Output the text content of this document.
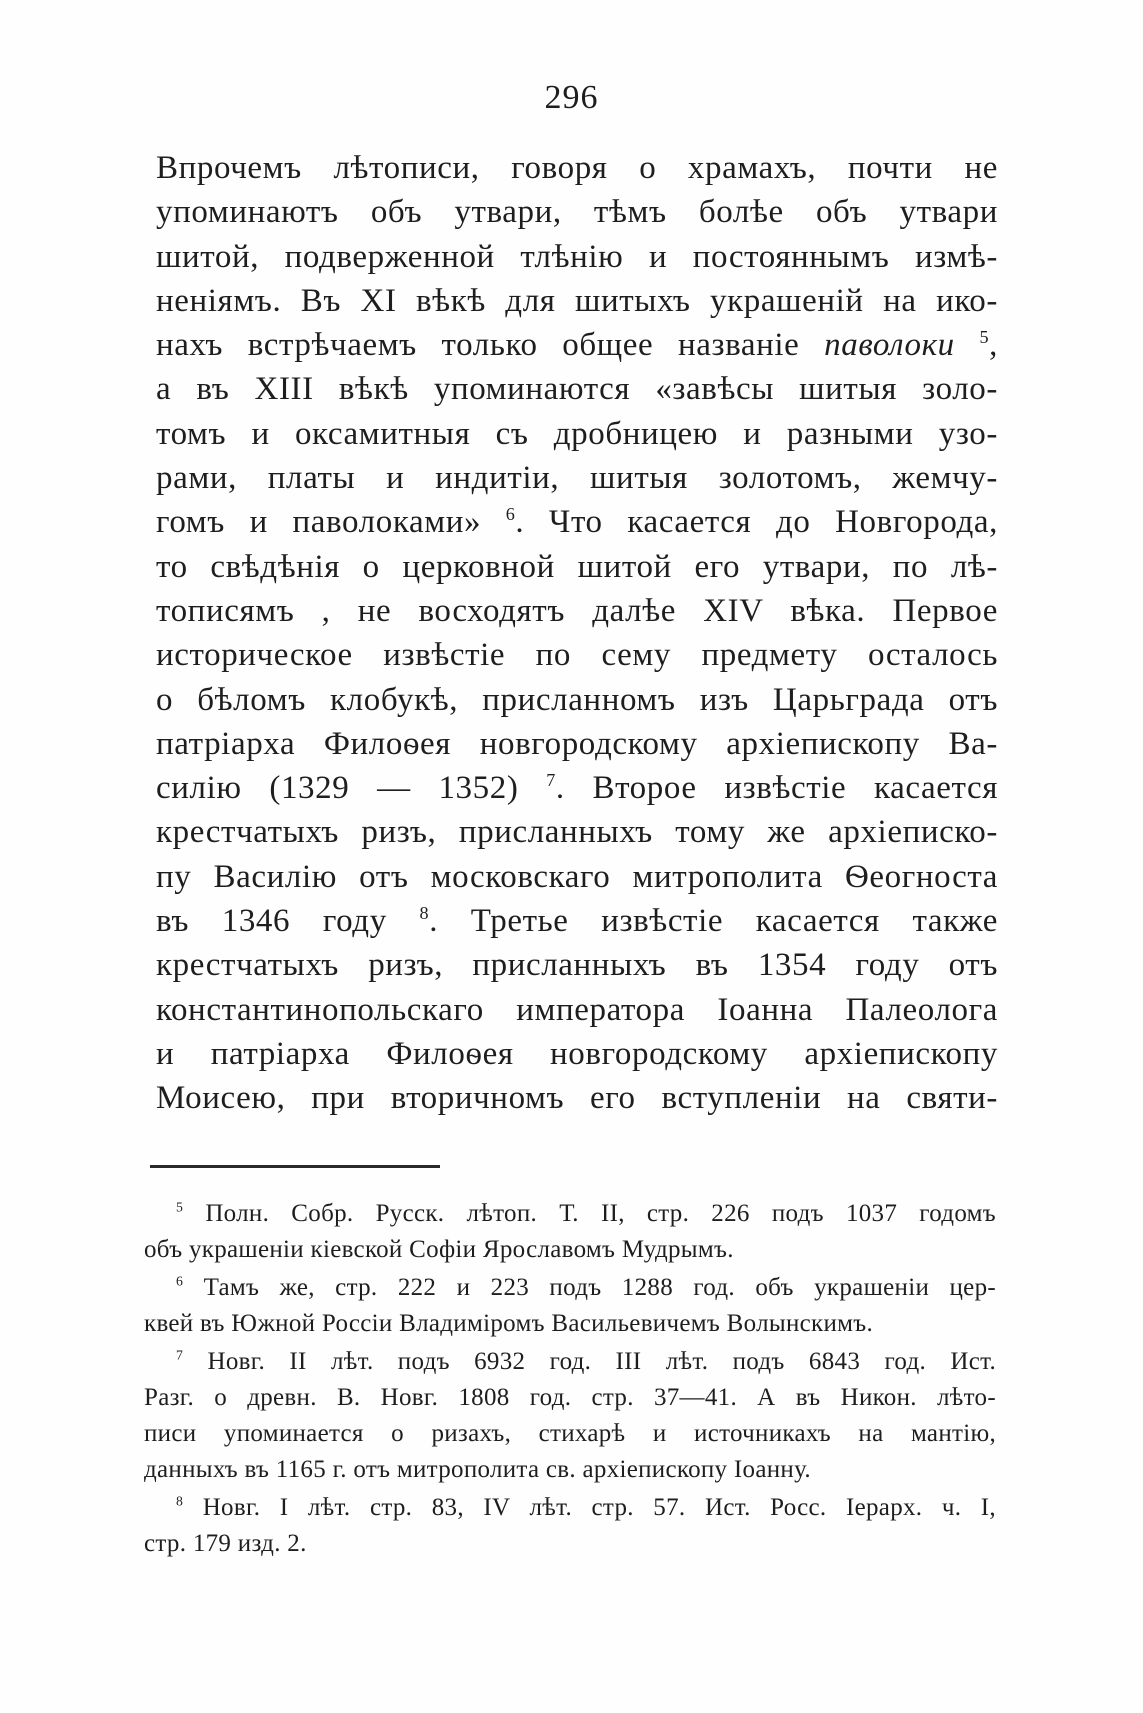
296
Впрочемъ лѣтописи, говоря о храмахъ, почти не
упоминаютъ объ утвари, тѣмъ болѣе объ утвари
шитой, подверженной тлѣнію и постояннымъ измѣ-
неніямъ. Въ XI вѣкѣ для шитыхъ украшеній на ико-
нахъ встрѣчаемъ только общее названіе паволоки $^5$,
а въ XIII вѣкѣ упоминаются «завѣсы шитыя золо-
томъ и оксамитныя съ дробницею и разными узо-
рами, платы и индитіи, шитыя золотомъ, жемчу-
гомъ и паволоками» $^6$. Что касается до Новгорода,
то свѣдѣнія о церковной шитой его утвари, по лѣ-
тописямъ , не восходятъ далѣе XIV вѣка. Первое
историческое извѣстіе по сему предмету осталось
о бѣломъ клобукѣ, присланномъ изъ Царьграда отъ
патріарха Филоѳея новгородскому архіепископу Ва-
силію (1329 — 1352) $^7$. Второе извѣстіе касается
крестчатыхъ ризъ, присланныхъ тому же архіеписко-
пу Василію отъ московскаго митрополита Ѳеогноста
въ 1346 году $^8$. Третье извѣстіе касается также
крестчатыхъ ризъ, присланныхъ въ 1354 году отъ
константинопольскаго императора Іоанна Палеолога
и патріарха Филоѳея новгородскому архіепископу
Моисею, при вторичномъ его вступленіи на святи-
$^5$ Полн. Собр. Русск. лѣтоп. Т. II, стр. 226 подъ 1037 годомъ
объ украшеніи кіевской Софіи Ярославомъ Мудрымъ.
$^6$ Тамъ же, стр. 222 и 223 подъ 1288 год. объ украшеніи цер-
квей въ Южной Россіи Владиміромъ Васильевичемъ Волынскимъ.
$^7$ Новг. II лѣт. подъ 6932 год. III лѣт. подъ 6843 год. Ист.
Разг. о древн. В. Новг. 1808 год. стр. 37—41. А въ Никон. лѣто-
писи упоминается о ризахъ, стихарѣ и источникахъ на мантію,
данныхъ въ 1165 г. отъ митрополита св. архіепископу Іоанну.
$^8$ Новг. I лѣт. стр. 83, IV лѣт. стр. 57. Ист. Росс. Іерарх. ч. I,
стр. 179 изд. 2.
